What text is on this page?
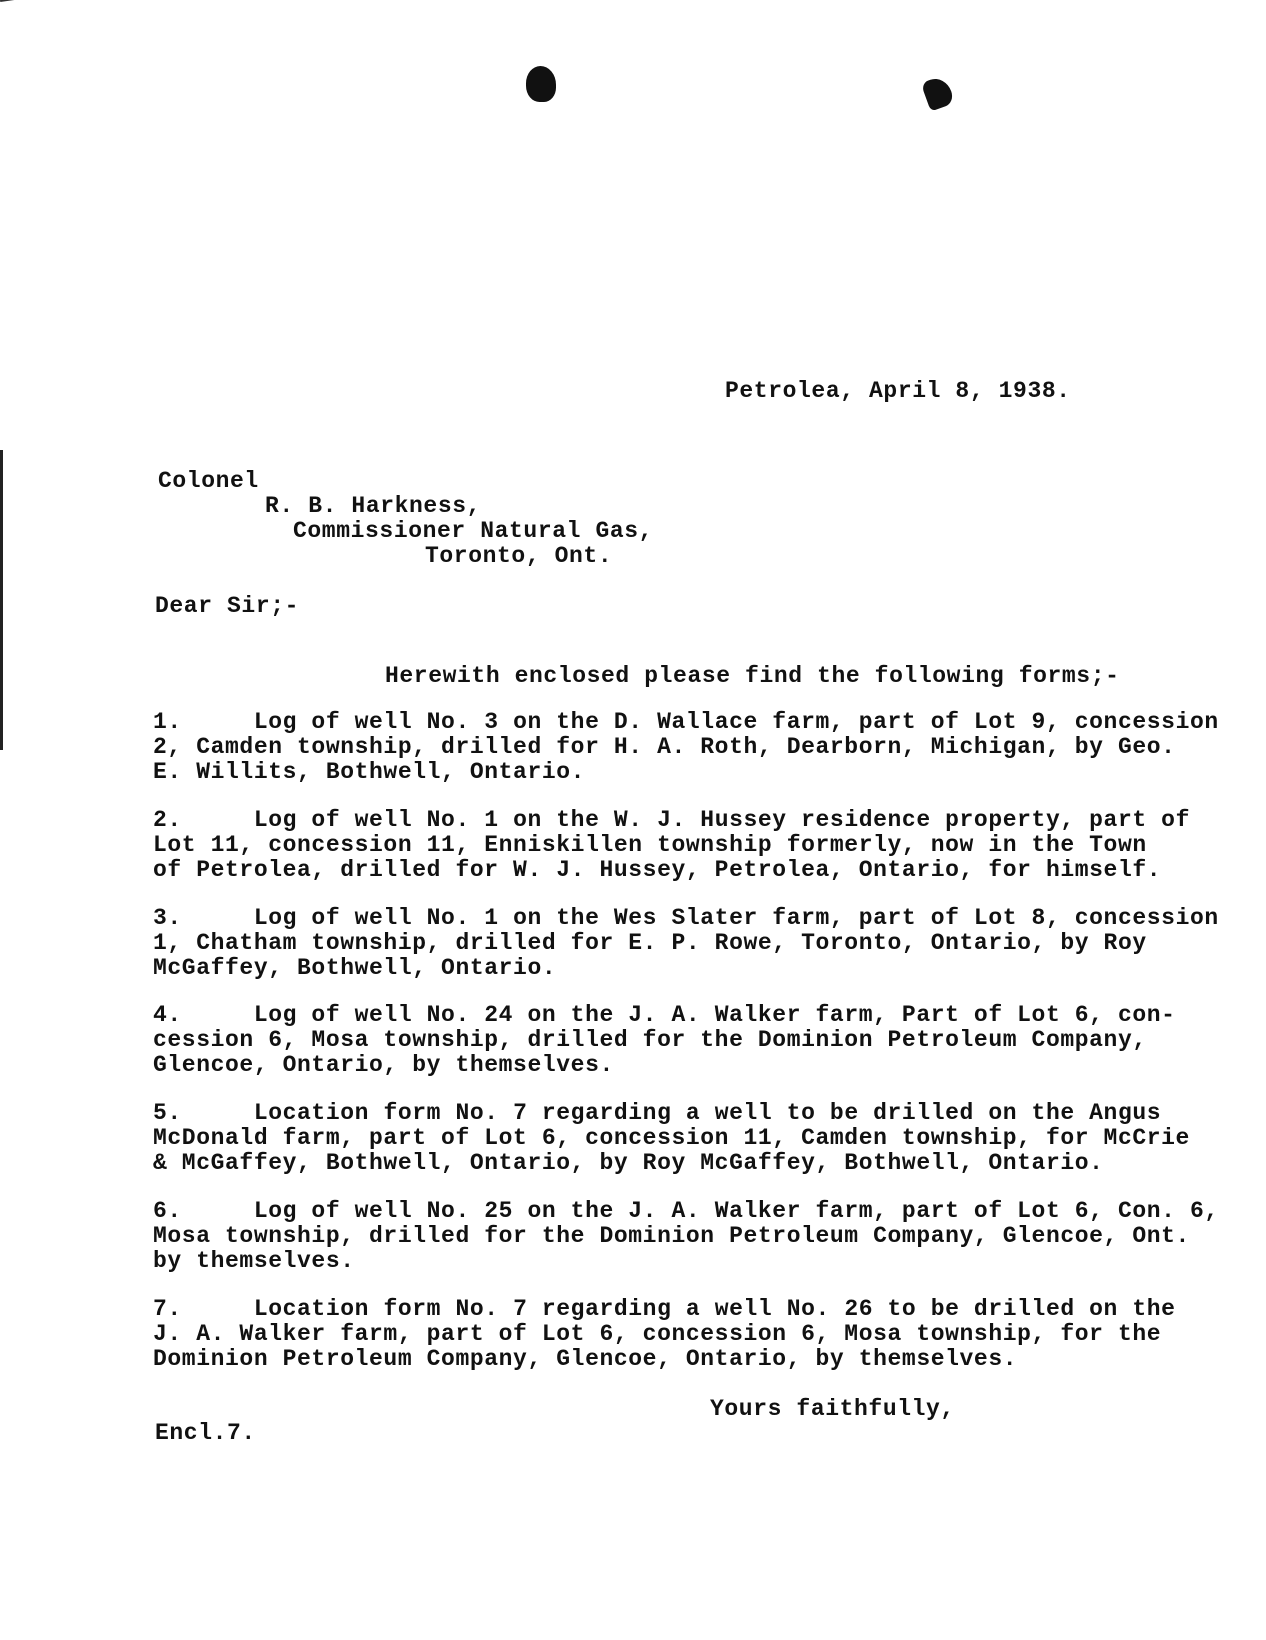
Petrolea, April 8, 1938.
Colonel
R. B. Harkness,
Commissioner Natural Gas,
Toronto, Ont.
Dear Sir;-
Herewith enclosed please find the following forms;-
1.	Log of well No. 3 on the D. Wallace farm, part of Lot 9, concession
2, Camden township, drilled for H. A. Roth, Dearborn, Michigan, by Geo.
E. Willits, Bothwell, Ontario.
2.	Log of well No. 1 on the W. J. Hussey residence property, part of
Lot 11, concession 11, Enniskillen township formerly, now in the Town
of Petrolea, drilled for W. J. Hussey, Petrolea, Ontario, for himself.
3.	Log of well No. 1 on the Wes Slater farm, part of Lot 8, concession
1, Chatham township, drilled for E. P. Rowe, Toronto, Ontario, by Roy
McGaffey, Bothwell, Ontario.
4.	Log of well No. 24 on the J. A. Walker farm, Part of Lot 6, con-
cession 6, Mosa township, drilled for the Dominion Petroleum Company,
Glencoe, Ontario, by themselves.
5.	Location form No. 7 regarding a well to be drilled on the Angus
McDonald farm, part of Lot 6, concession 11, Camden township, for McCrie
& McGaffey, Bothwell, Ontario, by Roy McGaffey, Bothwell, Ontario.
6.	Log of well No. 25 on the J. A. Walker farm, part of Lot 6, Con. 6,
Mosa township, drilled for the Dominion Petroleum Company, Glencoe, Ont.
by themselves.
7.	Location form No. 7 regarding a well No. 26 to be drilled on the
J. A. Walker farm, part of Lot 6, concession 6, Mosa township, for the
Dominion Petroleum Company, Glencoe, Ontario, by themselves.
Yours faithfully,
Encl.7.
